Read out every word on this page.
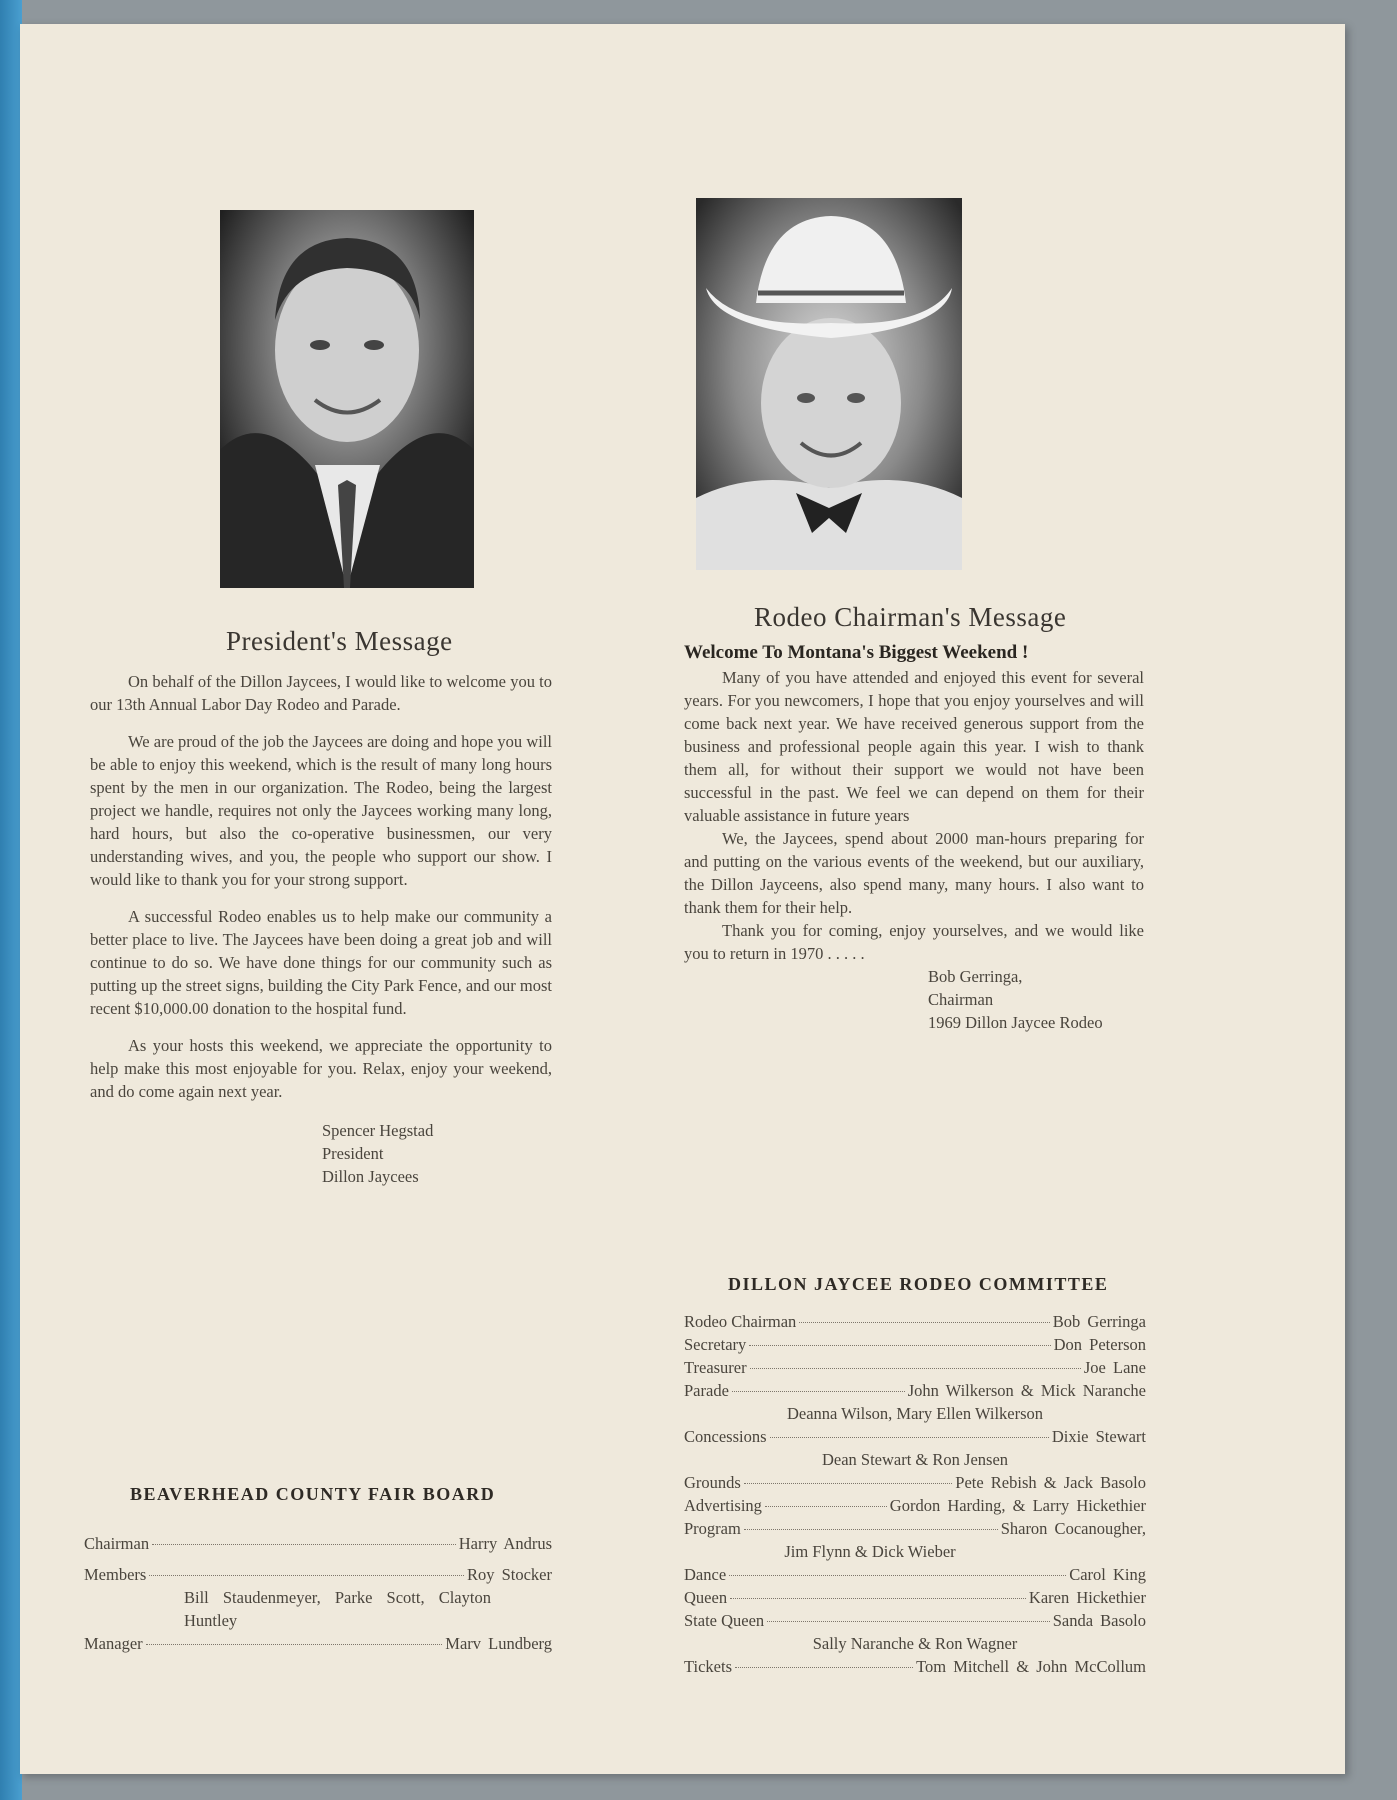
President's Message

On behalf of the Dillon Jaycees, I would like to welcome you to our 13th Annual Labor Day Rodeo and Parade.

We are proud of the job the Jaycees are doing and hope you will be able to enjoy this weekend, which is the result of many long hours spent by the men in our organization. The Rodeo, being the largest project we handle, requires not only the Jaycees working many long, hard hours, but also the co-operative businessmen, our very understanding wives, and you, the people who support our show. I would like to thank you for your strong support.

A successful Rodeo enables us to help make our community a better place to live. The Jaycees have been doing a great job and will continue to do so. We have done things for our community such as putting up the street signs, building the City Park Fence, and our most recent $10,000.00 donation to the hospital fund.

As your hosts this weekend, we appreciate the opportunity to help make this most enjoyable for you. Relax, enjoy your weekend, and do come again next year.

Spencer Hegstad
President
Dillon Jaycees
Rodeo Chairman's Message
Welcome To Montana's Biggest Weekend !

Many of you have attended and enjoyed this event for several years. For you newcomers, I hope that you enjoy yourselves and will come back next year. We have received generous support from the business and professional people again this year. I wish to thank them all, for without their support we would not have been successful in the past. We feel we can depend on them for their valuable assistance in future years

We, the Jaycees, spend about 2000 man-hours preparing for and putting on the various events of the weekend, but our auxiliary, the Dillon Jayceens, also spend many, many hours. I also want to thank them for their help.

Thank you for coming, enjoy yourselves, and we would like you to return in 1970 . . . . .

Bob Gerringa,
Chairman
1969 Dillon Jaycee Rodeo
BEAVERHEAD COUNTY FAIR BOARD
Chairman	Harry Andrus
Members	Roy Stocker
Bill Staudenmeyer, Parke Scott, Clayton
Huntley
Manager	Marv Lundberg
DILLON JAYCEE RODEO COMMITTEE
Rodeo Chairman	Bob Gerringa
Secretary	Don Peterson
Treasurer	Joe Lane
Parade	John Wilkerson & Mick Naranche
Deanna Wilson, Mary Ellen Wilkerson
Concessions	Dixie Stewart
Dean Stewart & Ron Jensen
Grounds	Pete Rebish & Jack Basolo
Advertising	Gordon Harding, & Larry Hickethier
Program	Sharon Cocanougher,
Jim Flynn & Dick Wieber
Dance	Carol King
Queen	Karen Hickethier
State Queen	Sanda Basolo
Sally Naranche & Ron Wagner
Tickets	Tom Mitchell & John McCollum
